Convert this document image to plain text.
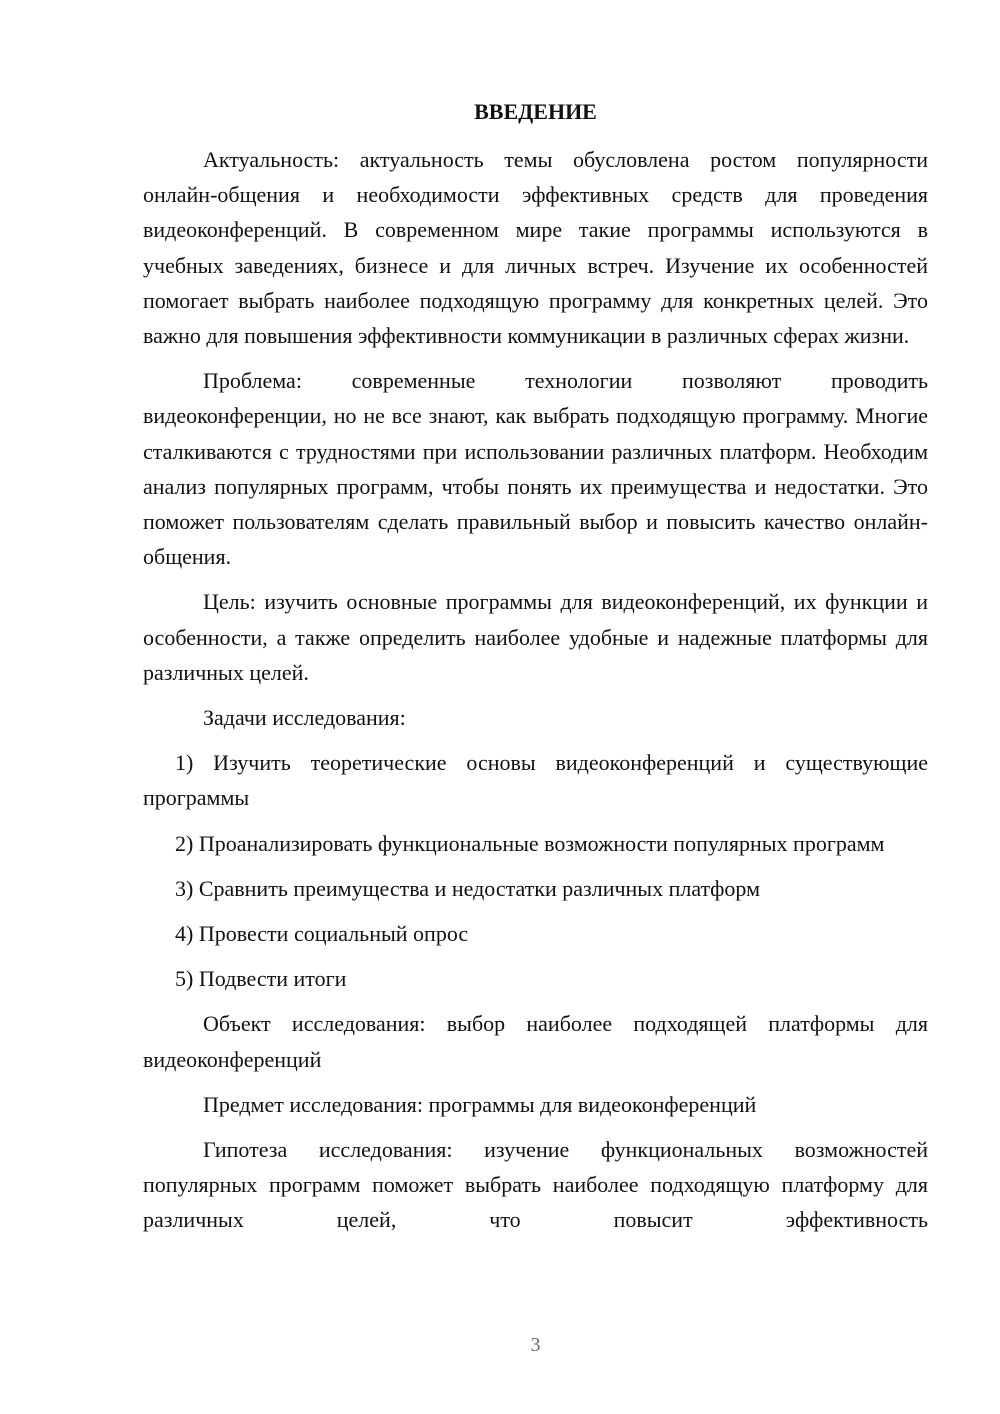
ВВЕДЕНИЕ

Актуальность: актуальность темы обусловлена ростом популярности онлайн-общения и необходимости эффективных средств для проведения видеоконференций. В современном мире такие программы используются в учебных заведениях, бизнесе и для личных встреч. Изучение их особенностей помогает выбрать наиболее подходящую программу для конкретных целей. Это важно для повышения эффективности коммуникации в различных сферах жизни.

Проблема: современные технологии позволяют проводить видеоконференции, но не все знают, как выбрать подходящую программу. Многие сталкиваются с трудностями при использовании различных платформ. Необходим анализ популярных программ, чтобы понять их преимущества и недостатки. Это поможет пользователям сделать правильный выбор и повысить качество онлайн-общения.

Цель: изучить основные программы для видеоконференций, их функции и особенности, а также определить наиболее удобные и надежные платформы для различных целей.

Задачи исследования:

1) Изучить теоретические основы видеоконференций и существующие программы

2) Проанализировать функциональные возможности популярных программ

3) Сравнить преимущества и недостатки различных платформ

4) Провести социальный опрос

5) Подвести итоги

Объект исследования: выбор наиболее подходящей платформы для видеоконференций

Предмет исследования: программы для видеоконференций

Гипотеза исследования: изучение функциональных возможностей популярных программ поможет выбрать наиболее подходящую платформу для различных целей, что повысит эффективность

3
